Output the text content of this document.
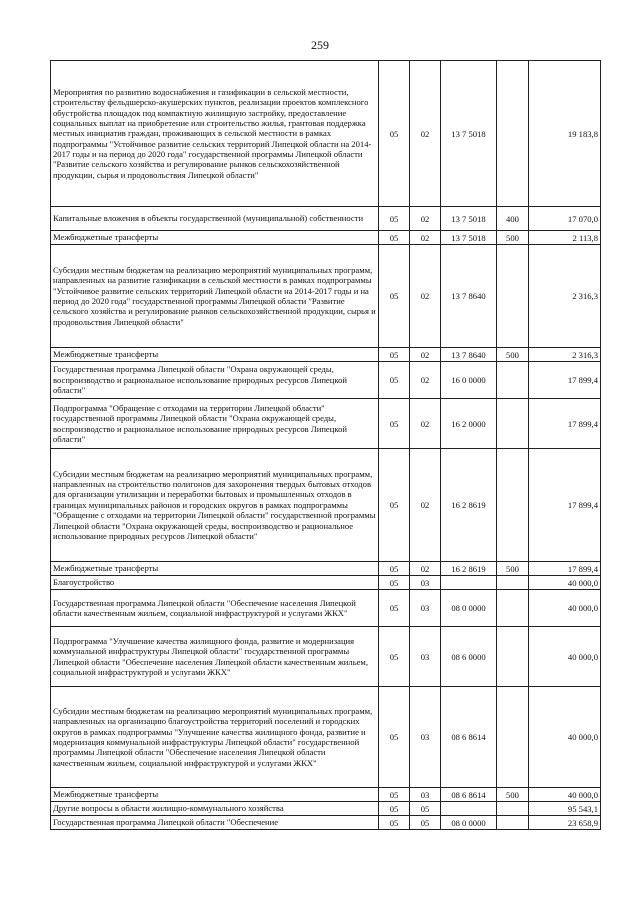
259
Мероприятия по развитию водоснабжения и газификации в сельской местности, строительству фельдшерско-акушерских пунктов, реализации проектов комплексного обустройства площадок под компактную жилищную застройку, предоставление социальных выплат на приобретение или строительство жилья, грантовая поддержка местных инициатив граждан, проживающих в сельской местности в рамках подпрограммы "Устойчивое развитие сельских территорий Липецкой области на 2014-2017 годы и на период до 2020 года" государственной программы Липецкой области "Развитие сельского хозяйства и регулирование рынков сельскохозяйственной продукции, сырья и продовольствия Липецкой области"	05	02	13 7 5018		19 183,8
Капитальные вложения в объекты государственной (муниципальной) собственности	05	02	13 7 5018	400	17 070,0
Межбюджетные трансферты	05	02	13 7 5018	500	2 113,8
Субсидии местным бюджетам на реализацию мероприятий муниципальных программ, направленных на развитие газификации в сельской местности в рамках подпрограммы "Устойчивое развитие сельских территорий Липецкой области на 2014-2017 годы и на период до 2020 года" государственной программы Липецкой области "Развитие сельского хозяйства и регулирование рынков сельскохозяйственной продукции, сырья и продовольствия Липецкой области"	05	02	13 7 8640		2 316,3
Межбюджетные трансферты	05	02	13 7 8640	500	2 316,3
Государственная программа Липецкой области "Охрана окружающей среды, воспроизводство и рациональное использование природных ресурсов Липецкой области"	05	02	16 0 0000		17 899,4
Подпрограмма "Обращение с отходами на территории Липецкой области" государственной программы Липецкой области "Охрана окружающей среды, воспроизводство и рациональное использование природных ресурсов Липецкой области"	05	02	16 2 0000		17 899,4
Субсидии местным бюджетам на реализацию мероприятий муниципальных программ, направленных на строительство полигонов для захоронения твердых бытовых отходов для организации утилизации и переработки бытовых и промышленных отходов в границах муниципальных районов и городских округов в рамках подпрограммы "Обращение с отходами на территории Липецкой области" государственной программы Липецкой области "Охрана окружающей среды, воспроизводство и рациональное использование природных ресурсов Липецкой области"	05	02	16 2 8619		17 899,4
Межбюджетные трансферты	05	02	16 2 8619	500	17 899,4
Благоустройство	05	03			40 000,0
Государственная программа Липецкой области "Обеспечение населения Липецкой области качественным жильем, социальной инфраструктурой и услугами ЖКХ"	05	03	08 0 0000		40 000,0
Подпрограмма "Улучшение качества жилищного фонда, развитие и модернизация коммунальной инфраструктуры Липецкой области" государственной программы Липецкой области "Обеспечение населения Липецкой области качественным жильем, социальной инфраструктурой и услугами ЖКХ"	05	03	08 6 0000		40 000,0
Субсидии местным бюджетам на реализацию мероприятий муниципальных программ, направленных на организацию благоустройства территорий поселений и городских округов в рамках подпрограммы "Улучшение качества жилищного фонда, развитие и модернизация коммунальной инфраструктуры Липецкой области" государственной программы Липецкой области "Обеспечение населения Липецкой области качественным жильем, социальной инфраструктурой и услугами ЖКХ"	05	03	08 6 8614		40 000,0
Межбюджетные трансферты	05	03	08 6 8614	500	40 000,0
Другие вопросы в области жилищно-коммунального хозяйства	05	05			95 543,1
Государственная программа Липецкой области "Обеспечение	05	05	08 0 0000		23 658,9
